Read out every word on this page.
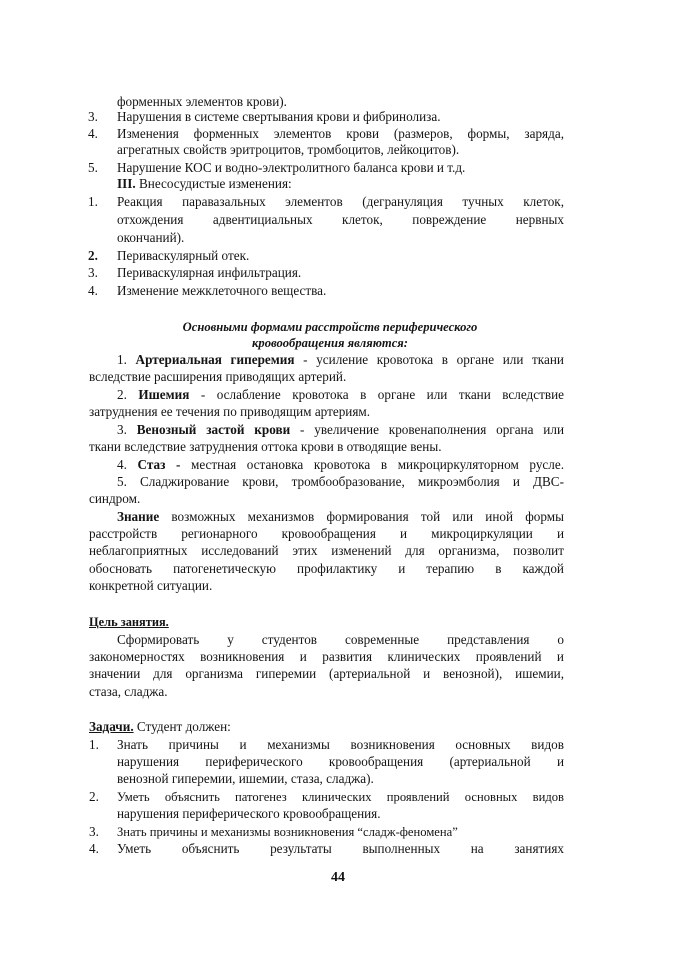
форменных элементов крови).
3. Нарушения в системе свертывания крови и фибринолиза.
4. Изменения форменных элементов крови (размеров, формы, заряда,
агрегатных свойств эритроцитов, тромбоцитов, лейкоцитов).
5. Нарушение КОС и водно-электролитного баланса крови и т.д.
III. Внесосудистые изменения:
1. Реакция паравазальных элементов (дегрануляция тучных клеток,
отхождения адвентициальных клеток, повреждение нервных
окончаний).
2. Периваскулярный отек.
3. Периваскулярная инфильтрация.
4. Изменение межклеточного вещества.
Основными формами расстройств периферического
кровообращения являются:
1. Артериальная гиперемия - усиление кровотока в органе или ткани
вследствие расширения приводящих артерий.
2. Ишемия - ослабление кровотока в органе или ткани вследствие
затруднения ее течения по приводящим артериям.
3. Венозный застой крови - увеличение кровенаполнения органа или
ткани вследствие затруднения оттока крови в отводящие вены.
4. Стаз - местная остановка кровотока в микроциркуляторном русле.
5. Сладжирование крови, тромбообразование, микроэмболия и ДВС-
синдром.
Знание возможных механизмов формирования той или иной формы
расстройств регионарного кровообращения и микроциркуляции и
неблагоприятных исследований этих изменений для организма, позволит
обосновать патогенетическую профилактику и терапию в каждой
конкретной ситуации.
Цель занятия.
Сформировать у студентов современные представления о
закономерностях возникновения и развития клинических проявлений и
значении для организма гиперемии (артериальной и венозной), ишемии,
стаза, сладжа.
Задачи. Студент должен:
1. Знать причины и механизмы возникновения основных видов
нарушения периферического кровообращения (артериальной и
венозной гиперемии, ишемии, стаза, сладжа).
2. Уметь объяснить патогенез клинических проявлений основных видов
нарушения периферического кровообращения.
3. Знать причины и механизмы возникновения “сладж-феномена”
4. Уметь объяснить результаты выполненных на занятиях
44
